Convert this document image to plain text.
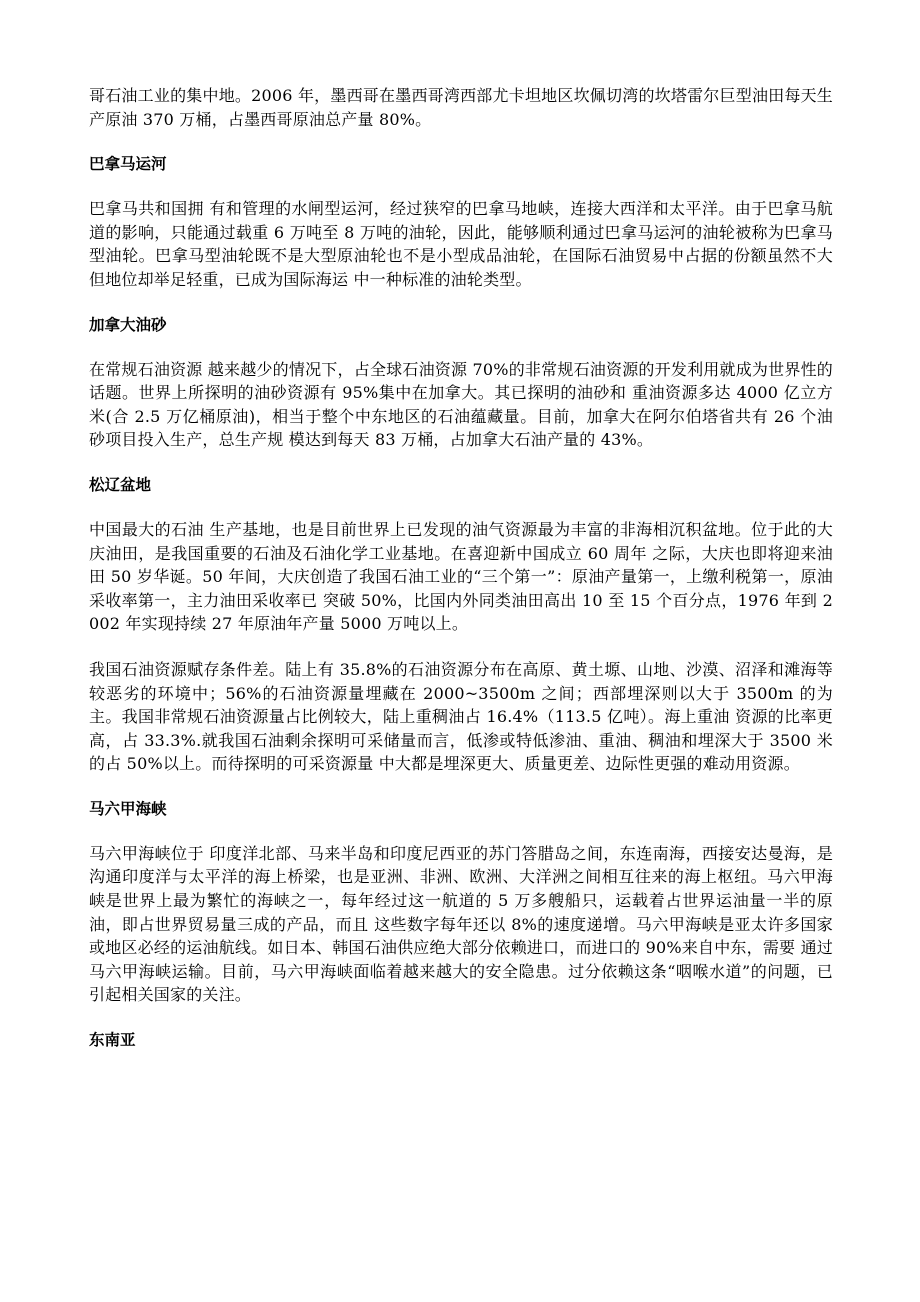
哥石油工业的集中地。2006 年，墨西哥在墨西哥湾西部尤卡坦地区坎佩切湾的坎塔雷尔巨型油田每天生产原油 370 万桶，占墨西哥原油总产量 80%。

巴拿马运河

巴拿马共和国拥 有和管理的水闸型运河，经过狭窄的巴拿马地峡，连接大西洋和太平洋。由于巴拿马航道的影响，只能通过载重 6 万吨至 8 万吨的油轮，因此，能够顺利通过巴拿马运河的油轮被称为巴拿马型油轮。巴拿马型油轮既不是大型原油轮也不是小型成品油轮，在国际石油贸易中占据的份额虽然不大但地位却举足轻重，已成为国际海运 中一种标准的油轮类型。

加拿大油砂

在常规石油资源 越来越少的情况下，占全球石油资源 70%的非常规石油资源的开发利用就成为世界性的话题。世界上所探明的油砂资源有 95%集中在加拿大。其已探明的油砂和 重油资源多达 4000 亿立方米(合 2.5 万亿桶原油)，相当于整个中东地区的石油蕴藏量。目前，加拿大在阿尔伯塔省共有 26 个油砂项目投入生产，总生产规 模达到每天 83 万桶，占加拿大石油产量的 43%。

松辽盆地

中国最大的石油 生产基地，也是目前世界上已发现的油气资源最为丰富的非海相沉积盆地。位于此的大庆油田，是我国重要的石油及石油化学工业基地。在喜迎新中国成立 60 周年 之际，大庆也即将迎来油田 50 岁华诞。50 年间，大庆创造了我国石油工业的“三个第一”：原油产量第一，上缴利税第一，原油采收率第一，主力油田采收率已 突破 50%，比国内外同类油田高出 10 至 15 个百分点，1976 年到 2002 年实现持续 27 年原油年产量 5000 万吨以上。

我国石油资源赋存条件差。陆上有 35.8%的石油资源分布在高原、黄土塬、山地、沙漠、沼泽和滩海等较恶劣的环境中；56%的石油资源量埋藏在 2000~3500m 之间；西部埋深则以大于 3500m 的为主。我国非常规石油资源量占比例较大，陆上重稠油占 16.4%（113.5 亿吨）。海上重油 资源的比率更高，占 33.3%.就我国石油剩余探明可采储量而言，低渗或特低渗油、重油、稠油和埋深大于 3500 米的占 50%以上。而待探明的可采资源量 中大都是埋深更大、质量更差、边际性更强的难动用资源。

马六甲海峡

马六甲海峡位于 印度洋北部、马来半岛和印度尼西亚的苏门答腊岛之间，东连南海，西接安达曼海，是沟通印度洋与太平洋的海上桥梁，也是亚洲、非洲、欧洲、大洋洲之间相互往来的海上枢纽。马六甲海峡是世界上最为繁忙的海峡之一，每年经过这一航道的 5 万多艘船只，运载着占世界运油量一半的原油，即占世界贸易量三成的产品，而且 这些数字每年还以 8%的速度递增。马六甲海峡是亚太许多国家或地区必经的运油航线。如日本、韩国石油供应绝大部分依赖进口，而进口的 90%来自中东，需要 通过马六甲海峡运输。目前，马六甲海峡面临着越来越大的安全隐患。过分依赖这条“咽喉水道”的问题，已引起相关国家的关注。

东南亚
